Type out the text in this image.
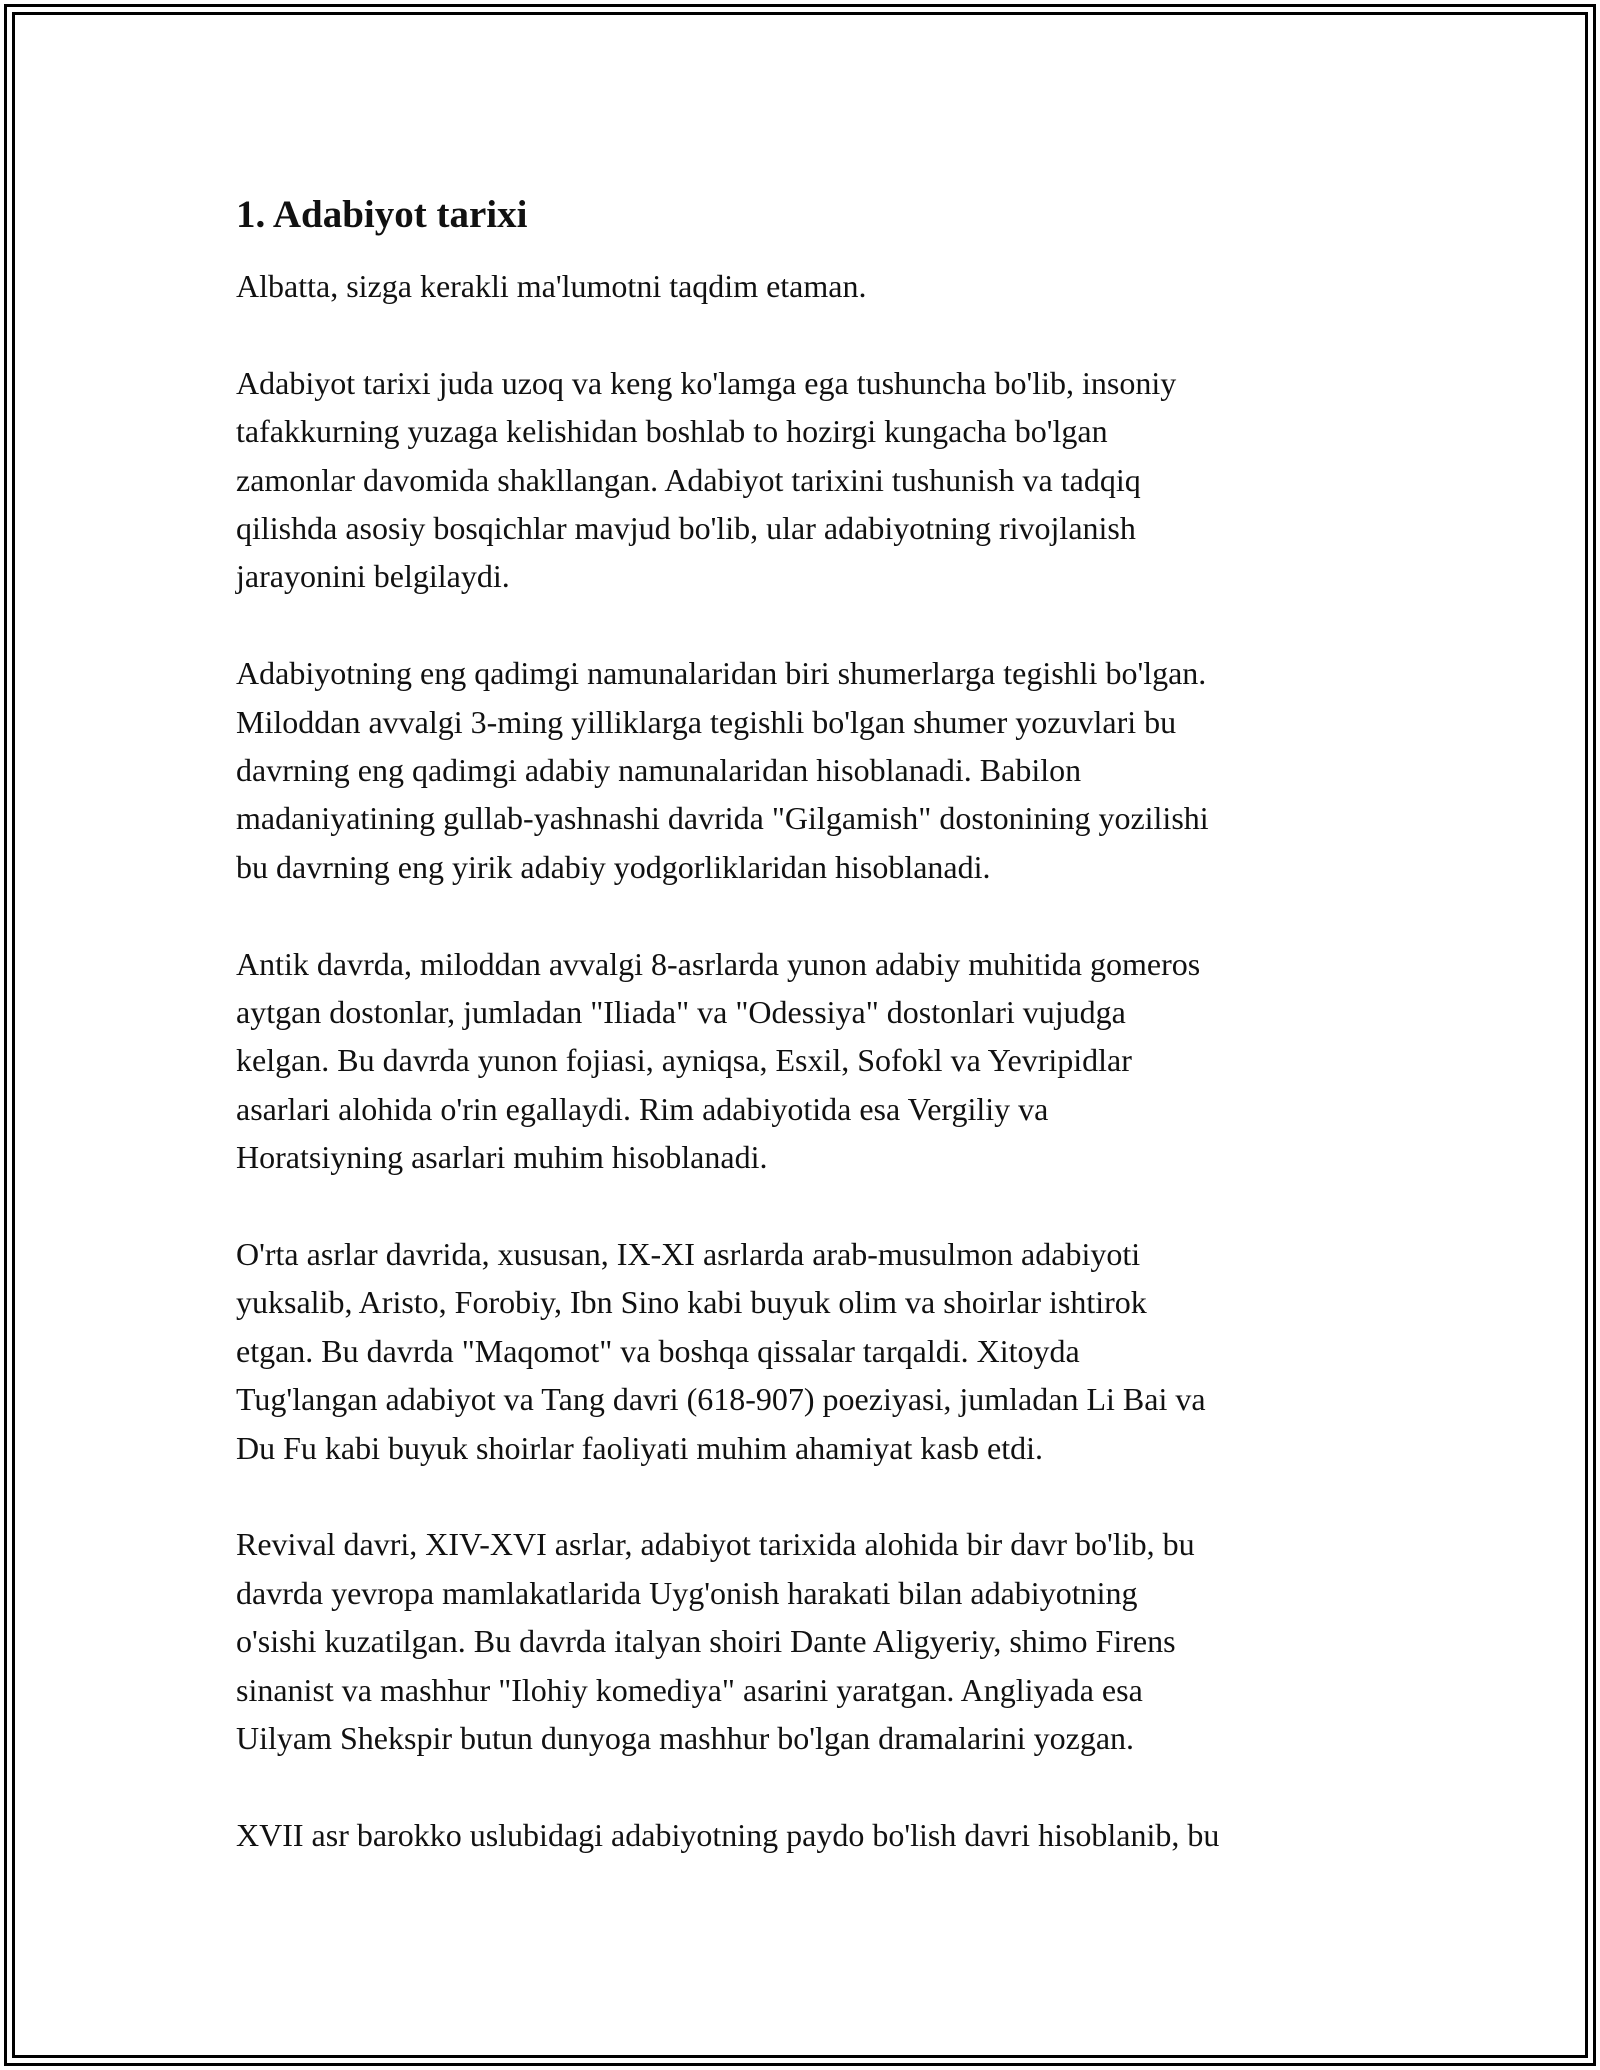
1. Adabiyot tarixi

Albatta, sizga kerakli ma'lumotni taqdim etaman.

Adabiyot tarixi juda uzoq va keng ko'lamga ega tushuncha bo'lib, insoniy
tafakkurning yuzaga kelishidan boshlab to hozirgi kungacha bo'lgan
zamonlar davomida shakllangan. Adabiyot tarixini tushunish va tadqiq
qilishda asosiy bosqichlar mavjud bo'lib, ular adabiyotning rivojlanish
jarayonini belgilaydi.

Adabiyotning eng qadimgi namunalaridan biri shumerlarga tegishli bo'lgan.
Miloddan avvalgi 3-ming yilliklarga tegishli bo'lgan shumer yozuvlari bu
davrning eng qadimgi adabiy namunalaridan hisoblanadi. Babilon
madaniyatining gullab-yashnashi davrida "Gilgamish" dostonining yozilishi
bu davrning eng yirik adabiy yodgorliklaridan hisoblanadi.

Antik davrda, miloddan avvalgi 8-asrlarda yunon adabiy muhitida gomeros
aytgan dostonlar, jumladan "Iliada" va "Odessiya" dostonlari vujudga
kelgan. Bu davrda yunon fojiasi, ayniqsa, Esxil, Sofokl va Yevripidlar
asarlari alohida o'rin egallaydi. Rim adabiyotida esa Vergiliy va
Horatsiyning asarlari muhim hisoblanadi.

O'rta asrlar davrida, xususan, IX-XI asrlarda arab-musulmon adabiyoti
yuksalib, Aristo, Forobiy, Ibn Sino kabi buyuk olim va shoirlar ishtirok
etgan. Bu davrda "Maqomot" va boshqa qissalar tarqaldi. Xitoyda
Tug'langan adabiyot va Tang davri (618-907) poeziyasi, jumladan Li Bai va
Du Fu kabi buyuk shoirlar faoliyati muhim ahamiyat kasb etdi.

Revival davri, XIV-XVI asrlar, adabiyot tarixida alohida bir davr bo'lib, bu
davrda yevropa mamlakatlarida Uyg'onish harakati bilan adabiyotning
o'sishi kuzatilgan. Bu davrda italyan shoiri Dante Aligyeriy, shimo Firens
sinanist va mashhur "Ilohiy komediya" asarini yaratgan. Angliyada esa
Uilyam Shekspir butun dunyoga mashhur bo'lgan dramalarini yozgan.

XVII asr barokko uslubidagi adabiyotning paydo bo'lish davri hisoblanib, bu
